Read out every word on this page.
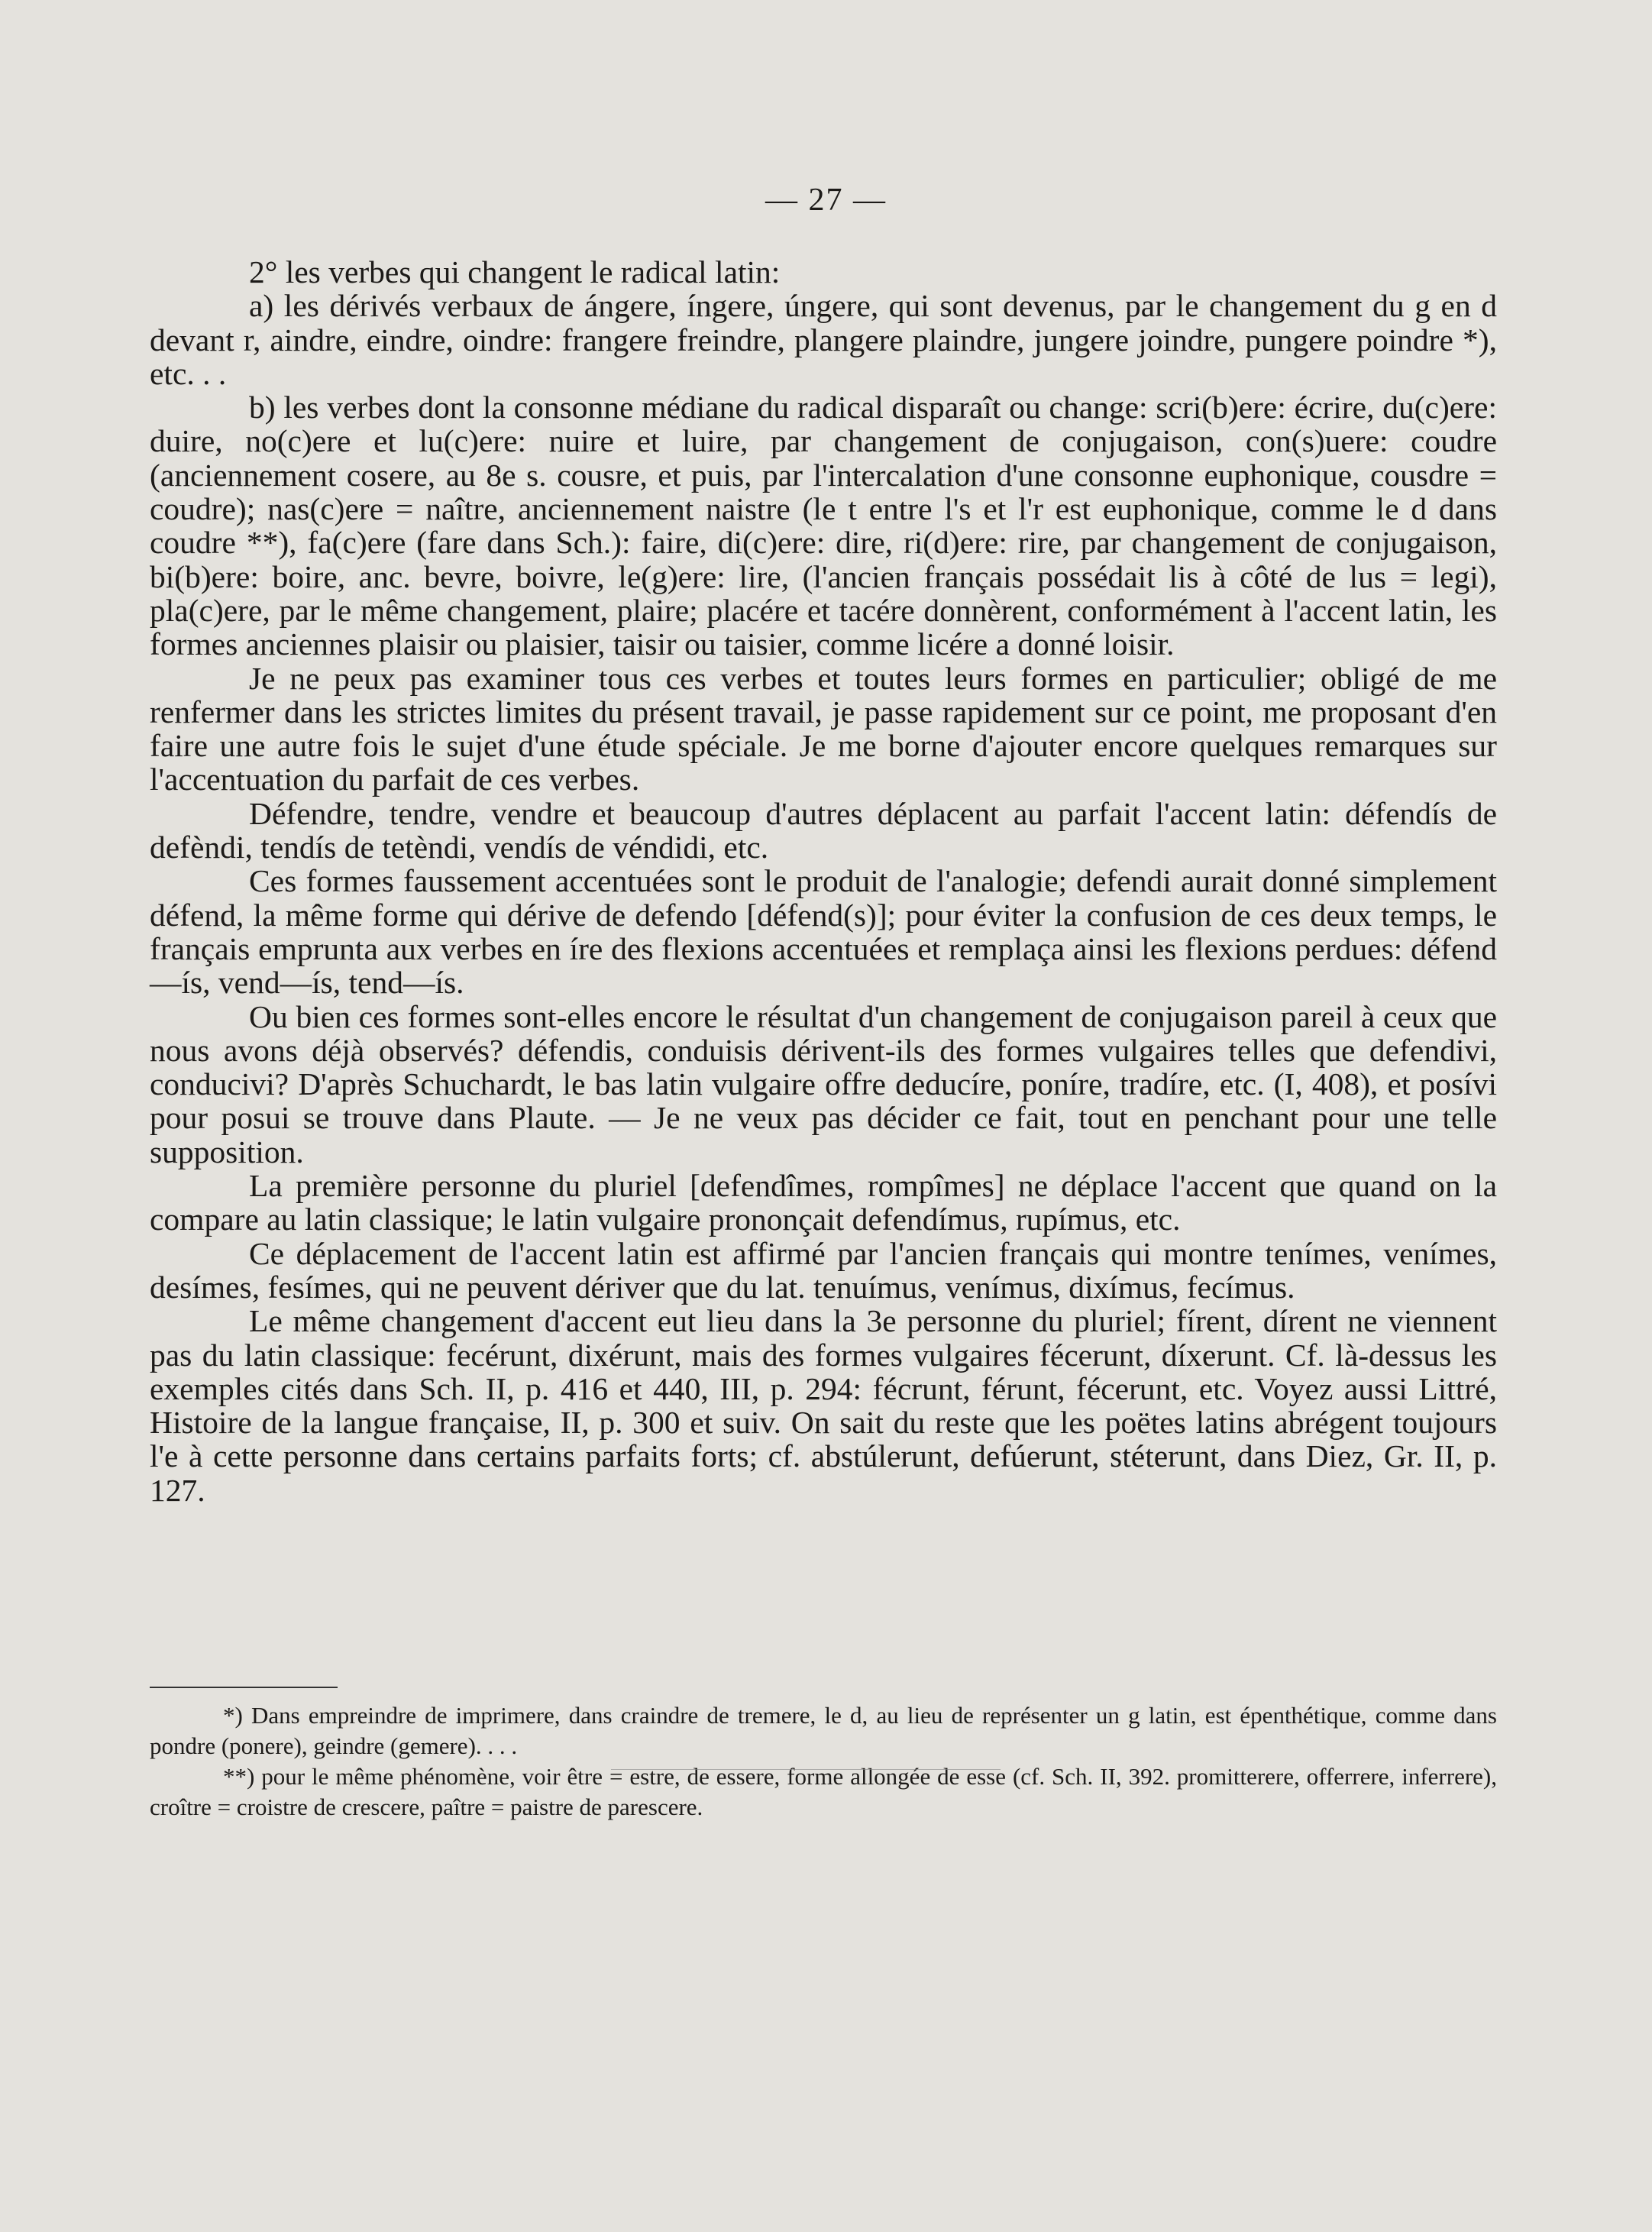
— 27 —

2° les verbes qui changent le radical latin:

a) les dérivés verbaux de ángere, íngere, úngere, qui sont devenus, par le changement du g en d devant r, aindre, eindre, oindre: frangere freindre, plangere plaindre, jungere joindre, pungere poindre *), etc. . .

b) les verbes dont la consonne médiane du radical disparaît ou change: scri(b)ere: écrire, du(c)ere: duire, no(c)ere et lu(c)ere: nuire et luire, par changement de conjugaison, con(s)uere: coudre (anciennement cosere, au 8e s. cousre, et puis, par l'intercalation d'une consonne euphonique, cousdre = coudre); nas(c)ere = naître, anciennement naistre (le t entre l's et l'r est euphonique, comme le d dans coudre **), fa(c)ere (fare dans Sch.): faire, di(c)ere: dire, ri(d)ere: rire, par changement de conjugaison, bi(b)ere: boire, anc. bevre, boivre, le(g)ere: lire, (l'ancien français possédait lis à côté de lus = legi), pla(c)ere, par le même changement, plaire; placére et tacére donnèrent, conformément à l'accent latin, les formes anciennes plaisir ou plaisier, taisir ou taisier, comme licére a donné loisir.

Je ne peux pas examiner tous ces verbes et toutes leurs formes en particulier; obligé de me renfermer dans les strictes limites du présent travail, je passe rapidement sur ce point, me proposant d'en faire une autre fois le sujet d'une étude spéciale. Je me borne d'ajouter encore quelques remarques sur l'accentuation du parfait de ces verbes.

Défendre, tendre, vendre et beaucoup d'autres déplacent au parfait l'accent latin: défendís de defèndi, tendís de tetèndi, vendís de véndidi, etc.

Ces formes faussement accentuées sont le produit de l'analogie; defendi aurait donné simplement défend, la même forme qui dérive de defendo [défend(s)]; pour éviter la confusion de ces deux temps, le français emprunta aux verbes en íre des flexions accentuées et remplaça ainsi les flexions perdues: défend—ís, vend—ís, tend—ís.

Ou bien ces formes sont-elles encore le résultat d'un changement de conjugaison pareil à ceux que nous avons déjà observés? défendis, conduisis dérivent-ils des formes vulgaires telles que defendivi, conducivi? D'après Schuchardt, le bas latin vulgaire offre deducíre, poníre, tradíre, etc. (I, 408), et posívi pour posui se trouve dans Plaute. — Je ne veux pas décider ce fait, tout en penchant pour une telle supposition.

La première personne du pluriel [defendîmes, rompîmes] ne déplace l'accent que quand on la compare au latin classique; le latin vulgaire prononçait defendímus, rupímus, etc.

Ce déplacement de l'accent latin est affirmé par l'ancien français qui montre tenímes, venímes, desímes, fesímes, qui ne peuvent dériver que du lat. tenuímus, venímus, dixímus, fecímus.

Le même changement d'accent eut lieu dans la 3e personne du pluriel; fírent, dírent ne viennent pas du latin classique: fecérunt, dixérunt, mais des formes vulgaires fécerunt, díxerunt. Cf. là-dessus les exemples cités dans Sch. II, p. 416 et 440, III, p. 294: fécrunt, férunt, fécerunt, etc. Voyez aussi Littré, Histoire de la langue française, II, p. 300 et suiv. On sait du reste que les poëtes latins abrégent toujours l'e à cette personne dans certains parfaits forts; cf. abstúlerunt, defúerunt, stéterunt, dans Diez, Gr. II, p. 127.

*) Dans empreindre de imprimere, dans craindre de tremere, le d, au lieu de représenter un g latin, est épenthétique, comme dans pondre (ponere), geindre (gemere). . . .

**) pour le même phénomène, voir être = estre, de essere, forme allongée de esse (cf. Sch. II, 392. promitterere, offerrere, inferrere), croître = croistre de crescere, paître = paistre de parescere.
